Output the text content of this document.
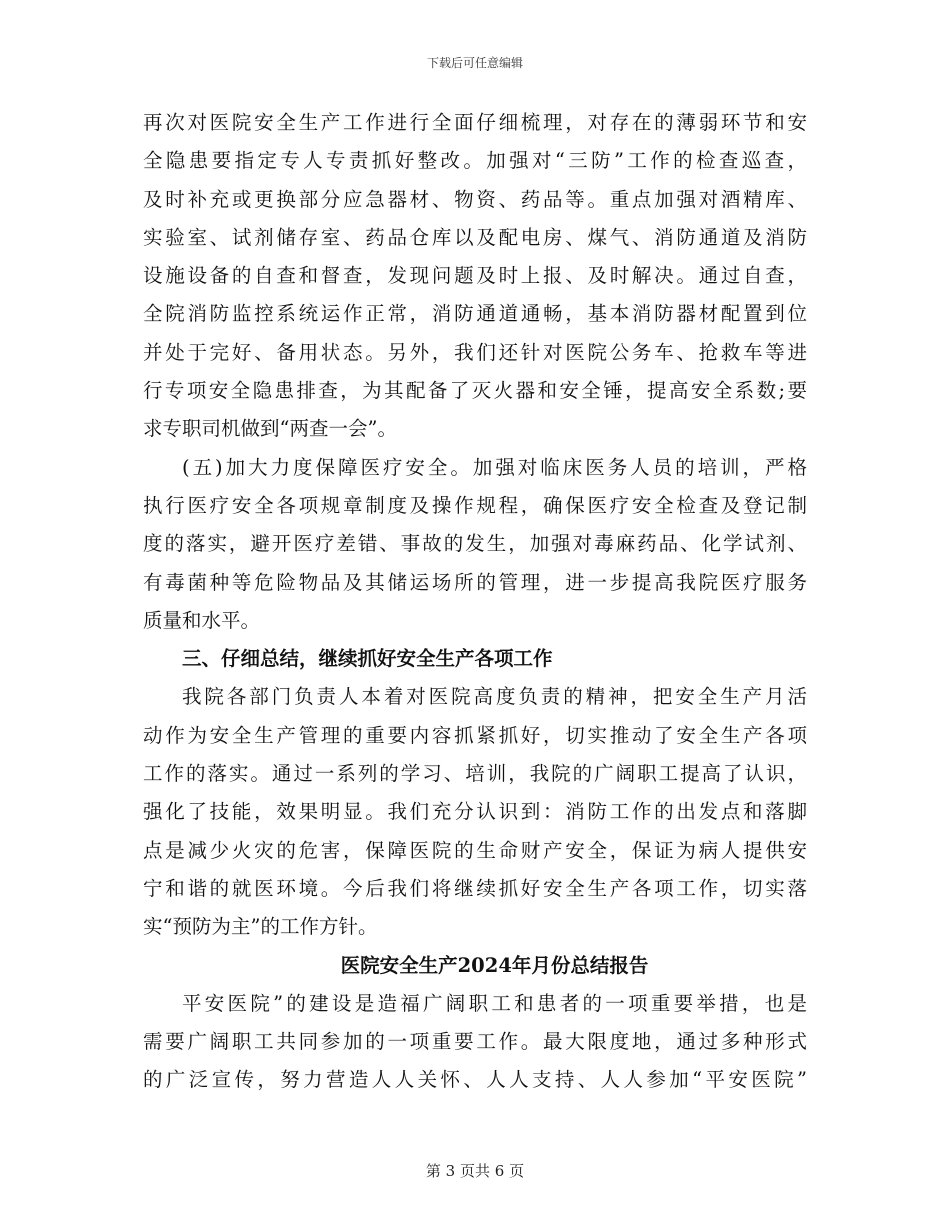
下载后可任意编辑
再次对医院安全生产工作进行全面仔细梳理，对存在的薄弱环节和安
全隐患要指定专人专责抓好整改。加强对“三防”工作的检查巡查，
及时补充或更换部分应急器材、物资、药品等。重点加强对酒精库、
实验室、试剂储存室、药品仓库以及配电房、煤气、消防通道及消防
设施设备的自查和督查，发现问题及时上报、及时解决。通过自查，
全院消防监控系统运作正常，消防通道通畅，基本消防器材配置到位
并处于完好、备用状态。另外，我们还针对医院公务车、抢救车等进
行专项安全隐患排查，为其配备了灭火器和安全锤，提高安全系数;要
求专职司机做到“两查一会”。
(五)加大力度保障医疗安全。加强对临床医务人员的培训，严格
执行医疗安全各项规章制度及操作规程，确保医疗安全检查及登记制
度的落实，避开医疗差错、事故的发生，加强对毒麻药品、化学试剂、
有毒菌种等危险物品及其储运场所的管理，进一步提高我院医疗服务
质量和水平。
三、仔细总结，继续抓好安全生产各项工作
我院各部门负责人本着对医院高度负责的精神，把安全生产月活
动作为安全生产管理的重要内容抓紧抓好，切实推动了安全生产各项
工作的落实。通过一系列的学习、培训，我院的广阔职工提高了认识，
强化了技能，效果明显。我们充分认识到：消防工作的出发点和落脚
点是减少火灾的危害，保障医院的生命财产安全，保证为病人提供安
宁和谐的就医环境。今后我们将继续抓好安全生产各项工作，切实落
实“预防为主”的工作方针。
医院安全生产2024年月份总结报告
平安医院”的建设是造福广阔职工和患者的一项重要举措，也是
需要广阔职工共同参加的一项重要工作。最大限度地，通过多种形式
的广泛宣传，努力营造人人关怀、人人支持、人人参加“平安医院”
第 3 页共 6 页
